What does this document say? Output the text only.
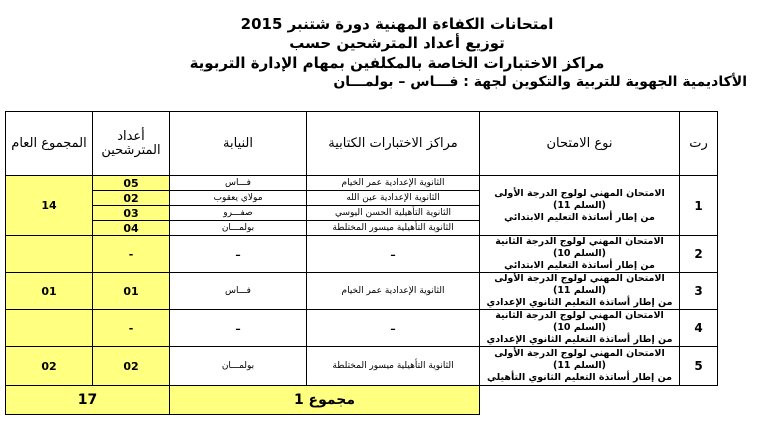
امتحانات الكفاءة المهنية دورة شتنبر 2015
توزيع أعداد المترشحين حسب
مراكز الاختبارات الخاصة بالمكلفين بمهام الإدارة التربوية
الأكاديمية الجهوية للتربية والتكوين لجهة : فـــاس – بولمـــان
رت	نوع الامتحان	مراكز الاختبارات الكتابية	النيابة	أعداد المترشحين	المجموع العام
1	الامتحان المهني لولوج الدرجة الأولى (السلم 11)
من إطار أساتذة التعليم الابتدائي	الثانوية الإعدادية عمر الخيام	فـــاس	05	14
		الثانوية الإعدادية عين الله	مولاي يعقوب	02	
		الثانوية التأهيلية الحسن اليوسي	صفـــرو	03	
		الثانوية التأهيلية ميسور المختلطة	بولمـــان	04	
2	الامتحان المهني لولوج الدرجة الثانية (السلم 10)
من إطار أساتذة التعليم الابتدائي	-	-	-	
3	الامتحان المهني لولوج الدرجة الأولى (السلم 11)
من إطار أساتذة التعليم الثانوي الإعدادي	الثانوية الإعدادية عمر الخيام	فـــاس	01	01
4	الامتحان المهني لولوج الدرجة الثانية (السلم 10)
من إطار أساتذة التعليم الثانوي الإعدادي	-	-	-	
5	الامتحان المهني لولوج الدرجة الأولى (السلم 11)
من إطار أساتذة التعليم الثانوي التأهيلي	الثانوية التأهيلية ميسور المختلطة	بولمـــان	02	02
		مجموع 1		17	
